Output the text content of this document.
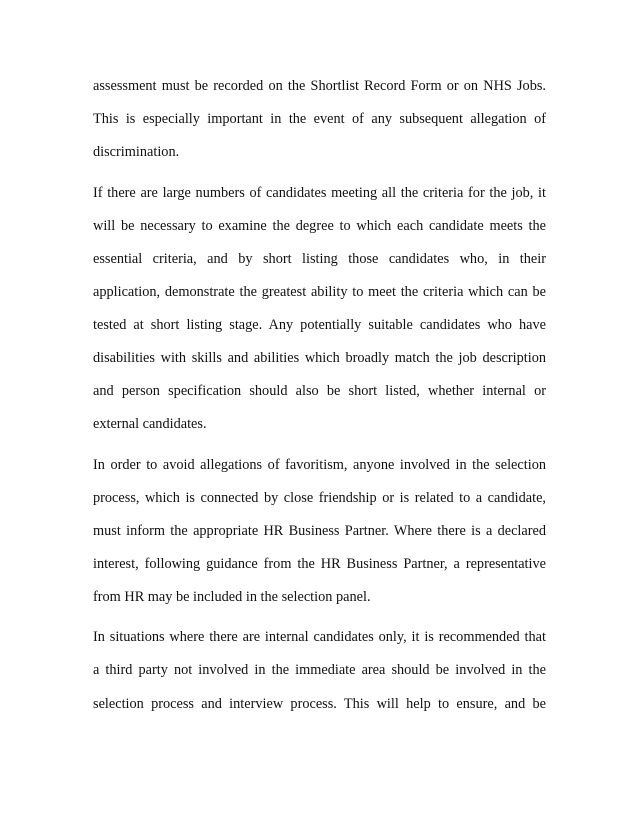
assessment must be recorded on the Shortlist Record Form or on NHS Jobs.
This is especially important in the event of any subsequent allegation of
discrimination.
If there are large numbers of candidates meeting all the criteria for the job, it
will be necessary to examine the degree to which each candidate meets the
essential criteria, and by short listing those candidates who, in their
application, demonstrate the greatest ability to meet the criteria which can be
tested at short listing stage. Any potentially suitable candidates who have
disabilities with skills and abilities which broadly match the job description
and person specification should also be short listed, whether internal or
external candidates.
In order to avoid allegations of favoritism, anyone involved in the selection
process, which is connected by close friendship or is related to a candidate,
must inform the appropriate HR Business Partner. Where there is a declared
interest, following guidance from the HR Business Partner, a representative
from HR may be included in the selection panel.
In situations where there are internal candidates only, it is recommended that
a third party not involved in the immediate area should be involved in the
selection process and interview process. This will help to ensure, and be
